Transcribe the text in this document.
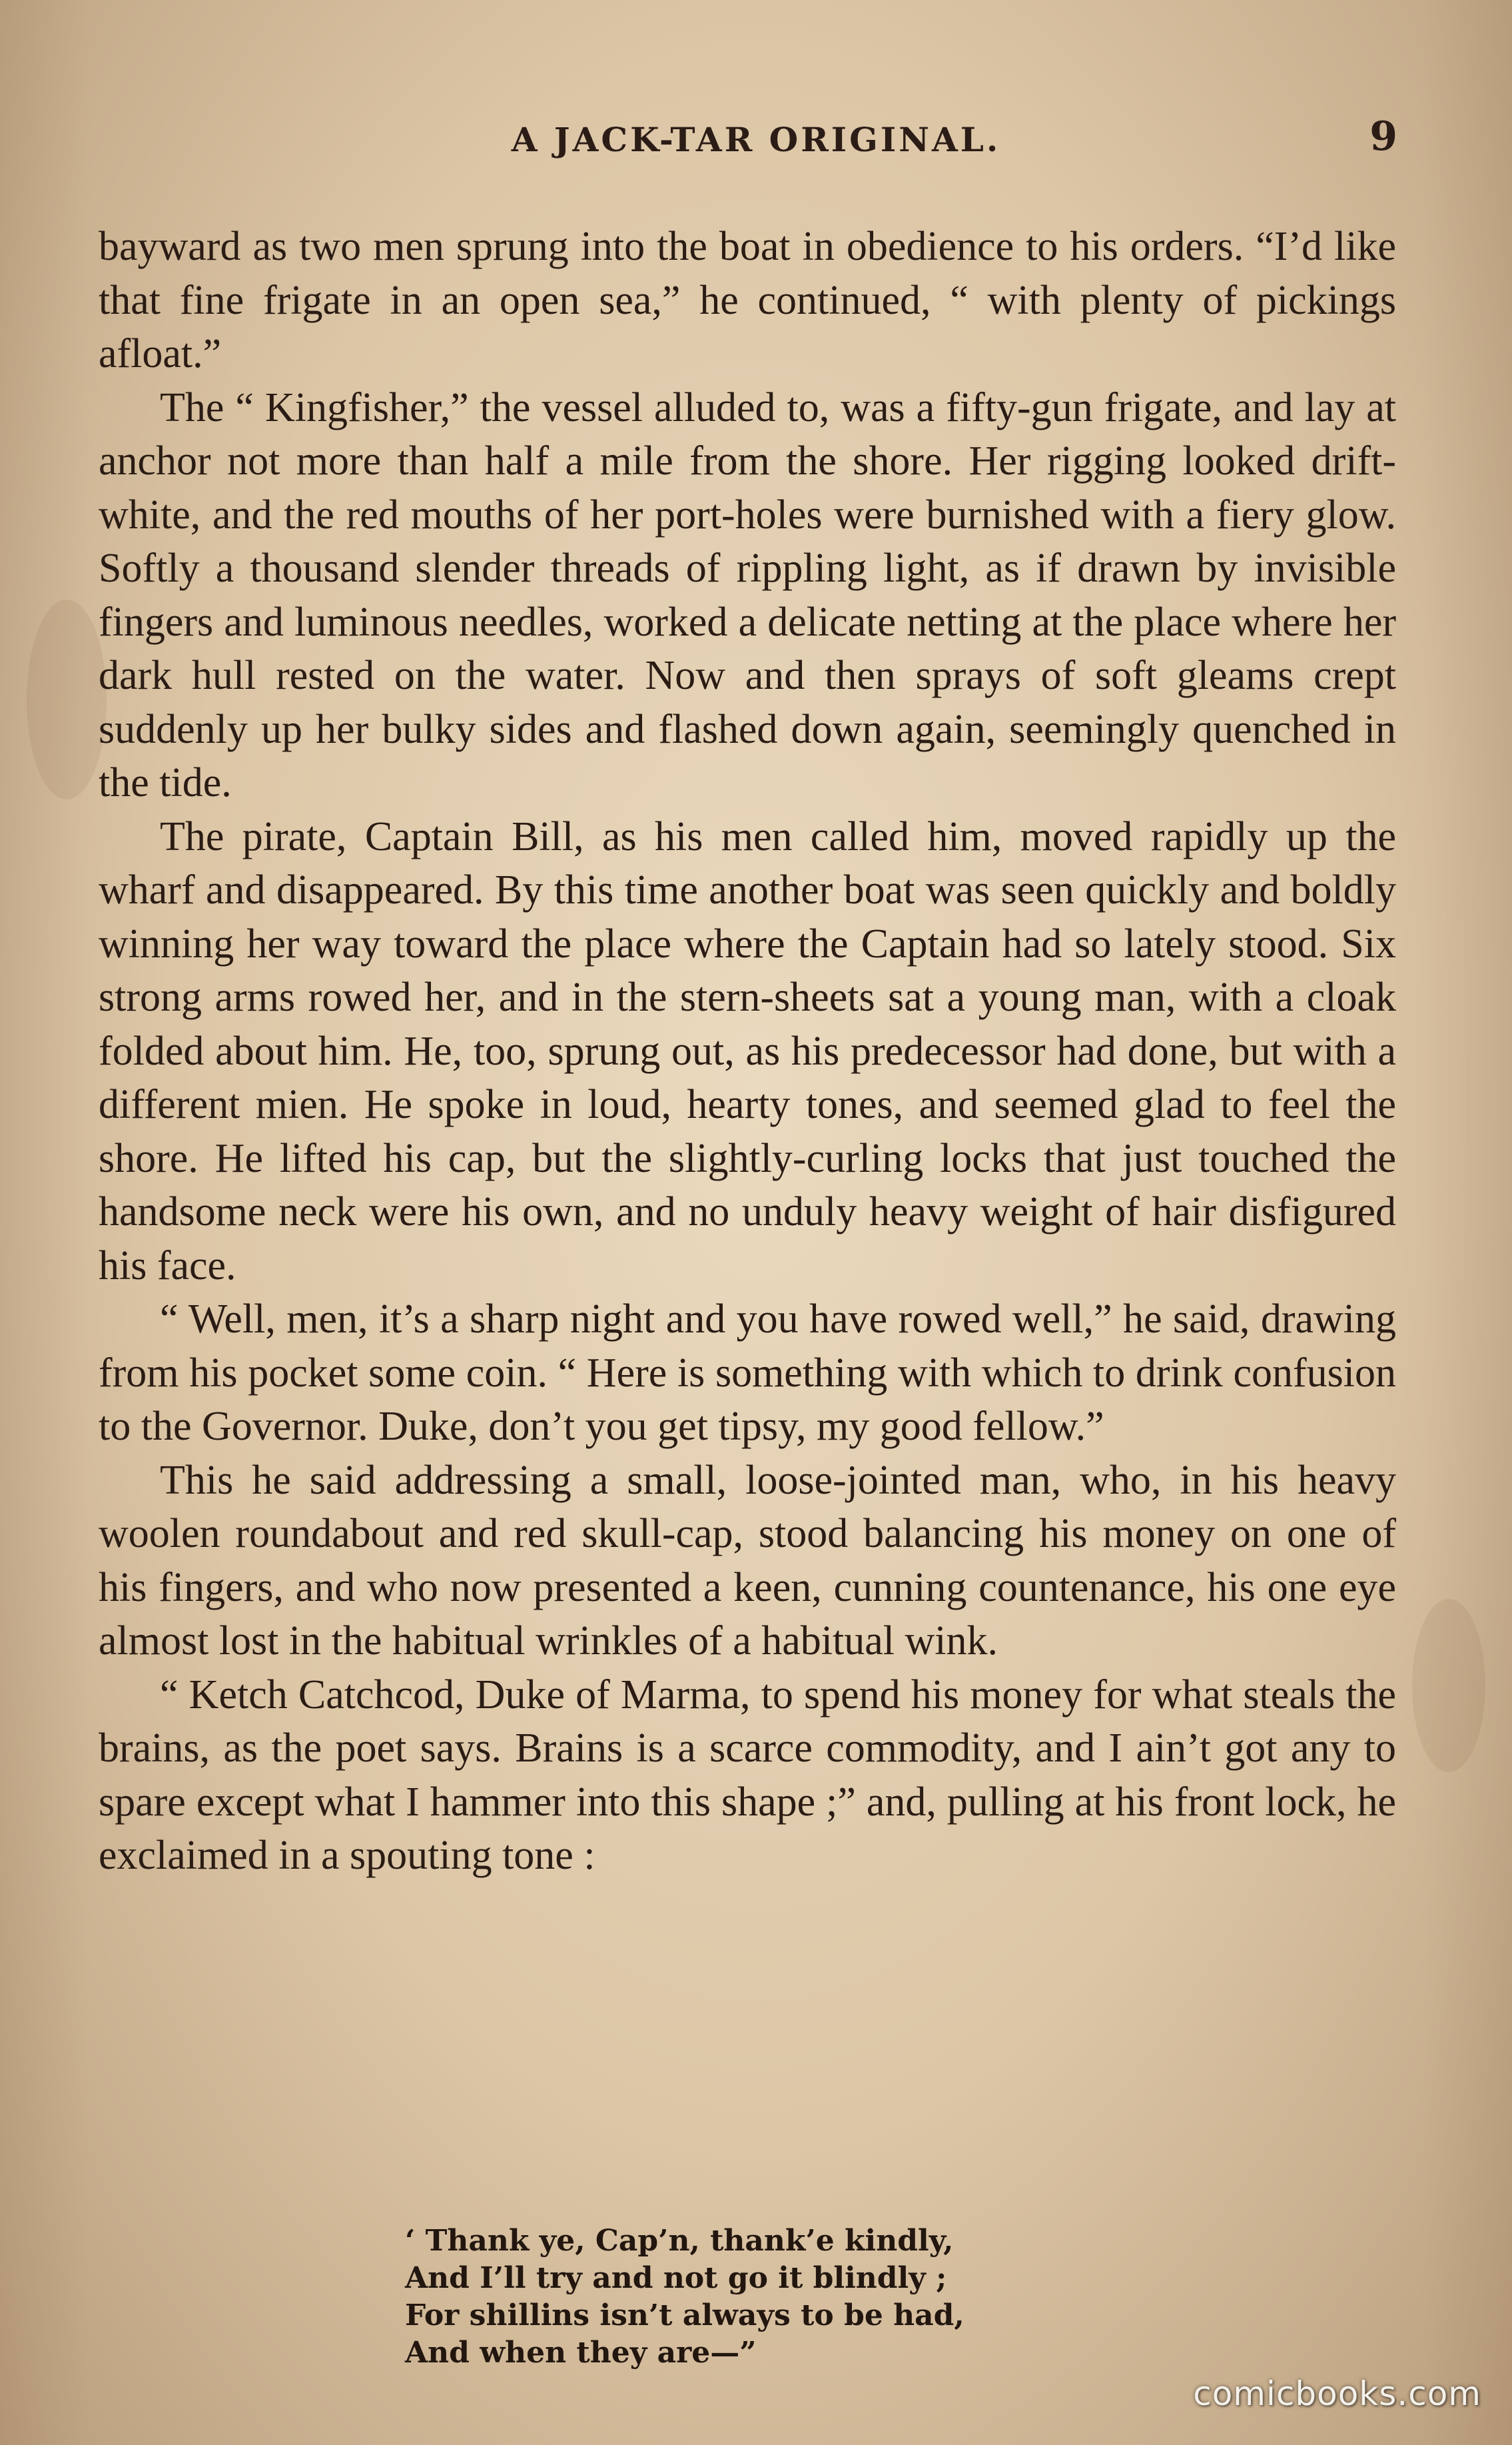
A JACK-TAR ORIGINAL.	9

bayward as two men sprung into the boat in obedience to his orders. “I’d like that fine frigate in an open sea,” he continued, “ with plenty of pickings afloat.”

The “ Kingfisher,” the vessel alluded to, was a fifty-gun frigate, and lay at anchor not more than half a mile from the shore. Her rigging looked drift-white, and the red mouths of her port-holes were burnished with a fiery glow. Softly a thousand slender threads of rippling light, as if drawn by invisible fingers and luminous needles, worked a delicate netting at the place where her dark hull rested on the water. Now and then sprays of soft gleams crept suddenly up her bulky sides and flashed down again, seemingly quenched in the tide.

The pirate, Captain Bill, as his men called him, moved rapidly up the wharf and disappeared. By this time another boat was seen quickly and boldly winning her way toward the place where the Captain had so lately stood. Six strong arms rowed her, and in the stern-sheets sat a young man, with a cloak folded about him. He, too, sprung out, as his predecessor had done, but with a different mien. He spoke in loud, hearty tones, and seemed glad to feel the shore. He lifted his cap, but the slightly-curling locks that just touched the handsome neck were his own, and no unduly heavy weight of hair disfigured his face.

“ Well, men, it’s a sharp night and you have rowed well,” he said, drawing from his pocket some coin. “ Here is something with which to drink confusion to the Governor. Duke, don’t you get tipsy, my good fellow.”

This he said addressing a small, loose-jointed man, who, in his heavy woolen roundabout and red skull-cap, stood balancing his money on one of his fingers, and who now presented a keen, cunning countenance, his one eye almost lost in the habitual wrinkles of a habitual wink.

“ Ketch Catchcod, Duke of Marma, to spend his money for what steals the brains, as the poet says. Brains is a scarce commodity, and I ain’t got any to spare except what I hammer into this shape ;” and, pulling at his front lock, he exclaimed in a spouting tone :

‘ Thank ye, Cap’n, thank’e kindly,
And I’ll try and not go it blindly ;
For shillins isn’t always to be had,
And when they are—”
comicbooks.com
